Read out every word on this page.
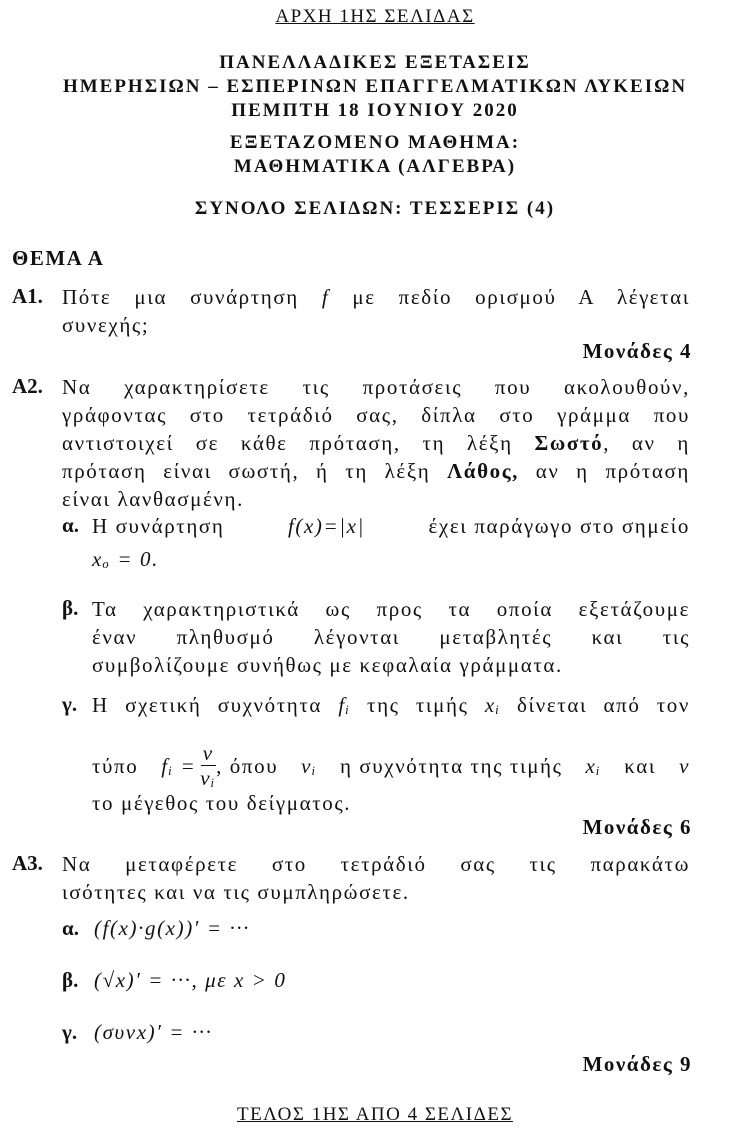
ΑΡΧΗ 1ΗΣ ΣΕΛΙΔΑΣ
ΠΑΝΕΛΛΑΔΙΚΕΣ ΕΞΕΤΑΣΕΙΣ
ΗΜΕΡΗΣΙΩΝ – ΕΣΠΕΡΙΝΩΝ ΕΠΑΓΓΕΛΜΑΤΙΚΩΝ ΛΥΚΕΙΩΝ
ΠΕΜΠΤΗ 18 ΙΟΥΝΙΟΥ 2020
ΕΞΕΤΑΖΟΜΕΝΟ ΜΑΘΗΜΑ:
ΜΑΘΗΜΑΤΙΚΑ (ΑΛΓΕΒΡΑ)
ΣΥΝΟΛΟ ΣΕΛΙΔΩΝ: ΤΕΣΣΕΡΙΣ (4)
ΘΕΜΑ Α
Α1. Πότε μια συνάρτηση f με πεδίο ορισμού Α λέγεται
συνεχής;
Μονάδες 4
Α2. Να χαρακτηρίσετε τις προτάσεις που ακολουθούν,
γράφοντας στο τετράδιό σας, δίπλα στο γράμμα που
αντιστοιχεί σε κάθε πρόταση, τη λέξη Σωστό, αν η
πρόταση είναι σωστή, ή τη λέξη Λάθος, αν η πρόταση
είναι λανθασμένη.
α. Η συνάρτηση	f(x)=|x|	έχει παράγωγο στο σημείο
xₒ = 0.
β. Τα χαρακτηριστικά ως προς τα οποία εξετάζουμε
έναν πληθυσμό λέγονται μεταβλητές και τις
συμβολίζουμε συνήθως με κεφαλαία γράμματα.
γ. Η σχετική συχνότητα fᵢ της τιμής xᵢ δίνεται από τον
τύπο fᵢ = $\frac{\nu}{\text{νᵢ}}$ , όπου νᵢ η συχνότητα της τιμής xᵢ και ν
το μέγεθος του δείγματος.
Μονάδες 6
Α3. Να μεταφέρετε στο τετράδιό σας τις παρακάτω
ισότητες και να τις συμπληρώσετε.
α. (f(x)·g(x))′ = ···
β. (√x)′ = ···, με x > 0
γ. (συνx)′ = ···
Μονάδες 9
ΤΕΛΟΣ 1ΗΣ ΑΠΟ 4 ΣΕΛΙΔΕΣ
